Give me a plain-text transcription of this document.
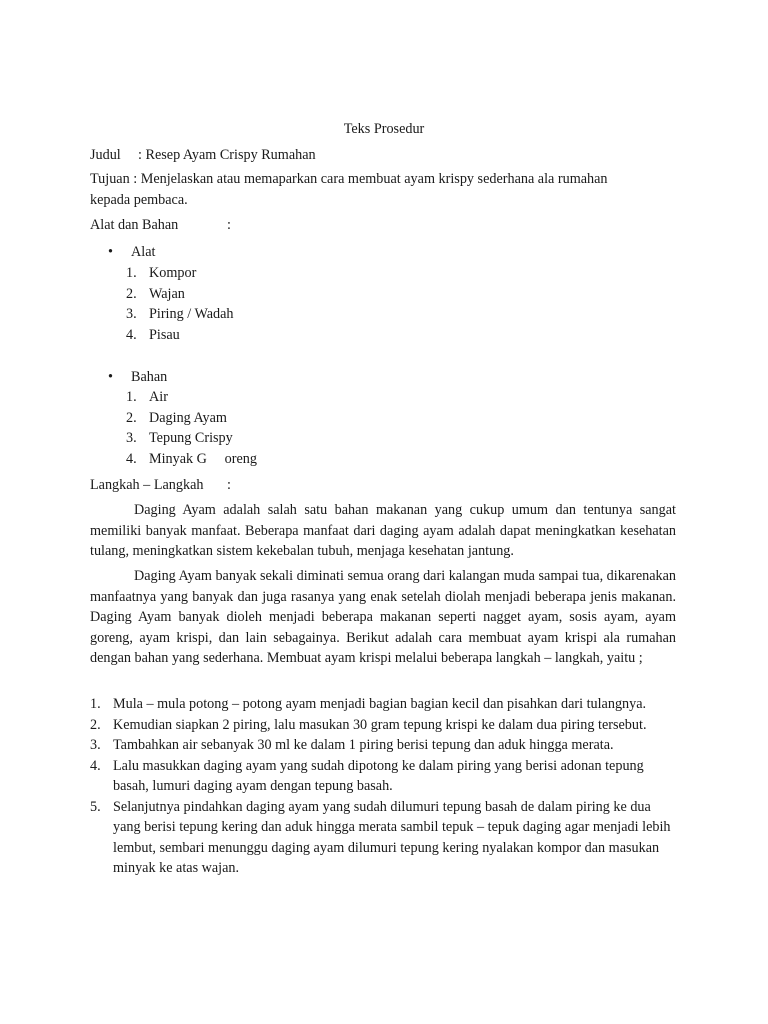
Teks Prosedur
Judul : Resep Ayam Crispy Rumahan
Tujuan : Menjelaskan atau memaparkan cara membuat ayam krispy sederhana ala rumahan kepada pembaca.
Alat dan Bahan	:
•	Alat
1. Kompor
2. Wajan
3. Piring / Wadah
4. Pisau
•	Bahan
1. Air
2. Daging Ayam
3. Tepung Crispy
4. Minyak G     oreng
Langkah – Langkah :

Daging Ayam adalah salah satu bahan makanan yang cukup umum dan tentunya sangat memiliki banyak manfaat. Beberapa manfaat dari daging ayam adalah dapat meningkatkan kesehatan tulang, meningkatkan sistem kekebalan tubuh, menjaga kesehatan jantung.

Daging Ayam banyak sekali diminati semua orang dari kalangan muda sampai tua, dikarenakan manfaatnya yang banyak dan juga rasanya yang enak setelah diolah menjadi beberapa jenis makanan. Daging Ayam banyak diolеh menjadi beberapa makanan seperti nagget ayam, sosis ayam, ayam goreng, ayam krispi, dan lain sebagainya. Berikut adalah cara membuat ayam krispi ala rumahan dengan bahan yang sederhana. Membuat ayam krispi melalui beberapa langkah – langkah, yaitu ;

1. Mula – mula potong – potong ayam menjadi bagian bagian kecil dan pisahkan dari tulangnya.
2. Kemudian siapkan 2 piring, lalu masukan 30 gram tepung krispi ke dalam dua piring tersebut.
3. Tambahkan air sebanyak 30 ml ke dalam 1 piring berisi tepung dan aduk hingga merata.
4. Lalu masukkan daging ayam yang sudah dipotong ke dalam piring yang berisi adonan tepung basah, lumuri daging ayam dengan tepung basah.
5. Selanjutnya pindahkan daging ayam yang sudah dilumuri tepung basah de dalam piring ke dua yang berisi tepung kering dan aduk hingga merata sambil tepuk – tepuk daging agar menjadi lebih lembut, sembari menunggu daging ayam dilumuri tepung kering nyalakan kompor dan masukan minyak ke atas wajan.
